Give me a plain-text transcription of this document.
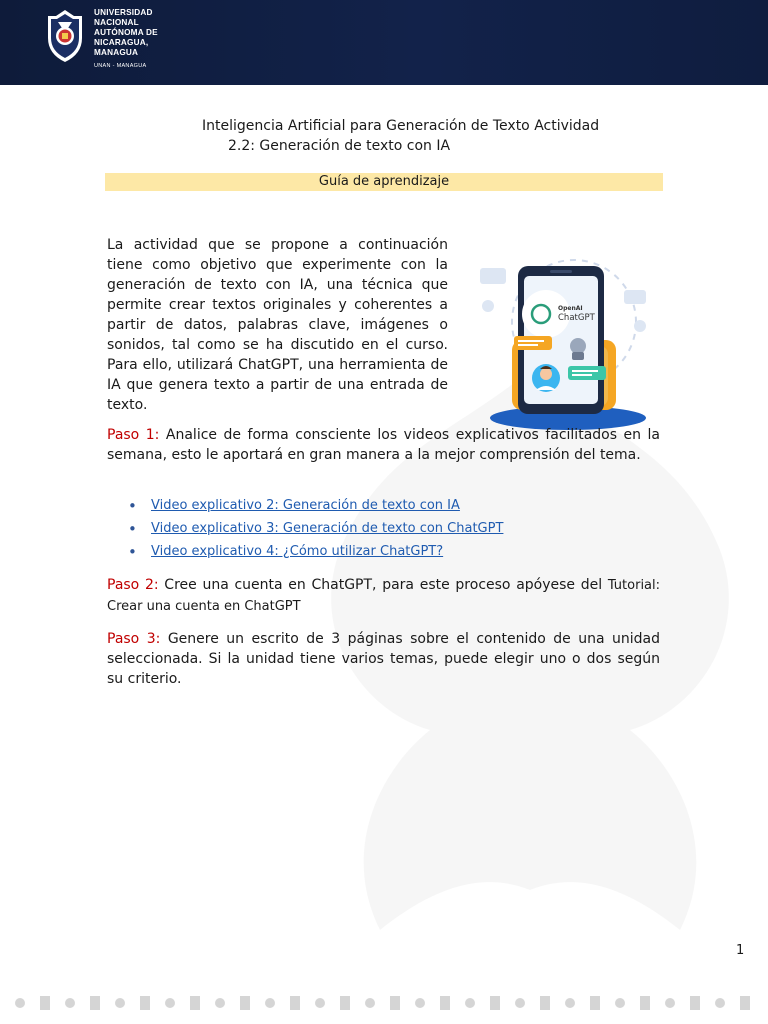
UNIVERSIDAD
NACIONAL
AUTÓNOMA DE
NICARAGUA,
MANAGUA
UNAN - MANAGUA
Inteligencia Artificial para Generación de Texto Actividad
2.2: Generación de texto con IA
Guía de aprendizaje

La actividad que se propone a continuación tiene como objetivo que experimente con la generación de texto con IA, una técnica que permite crear textos originales y coherentes a partir de datos, palabras clave, imágenes o sonidos, tal como se ha discutido en el curso. Para ello, utilizará ChatGPT, una herramienta de IA que genera texto a partir de una entrada de texto.

OpenAI
ChatGPT

Paso 1: Analice de forma consciente los videos explicativos facilitados en la semana, esto le aportará en gran manera a la mejor comprensión del tema.

•	Video explicativo 2: Generación de texto con IA
•	Video explicativo 3: Generación de texto con ChatGPT
•	Video explicativo 4: ¿Cómo utilizar ChatGPT?

Paso 2: Cree una cuenta en ChatGPT, para este proceso apóyese del Tutorial: Crear una cuenta en ChatGPT

Paso 3: Genere un escrito de 3 páginas sobre el contenido de una unidad seleccionada. Si la unidad tiene varios temas, puede elegir uno o dos según su criterio.

1
